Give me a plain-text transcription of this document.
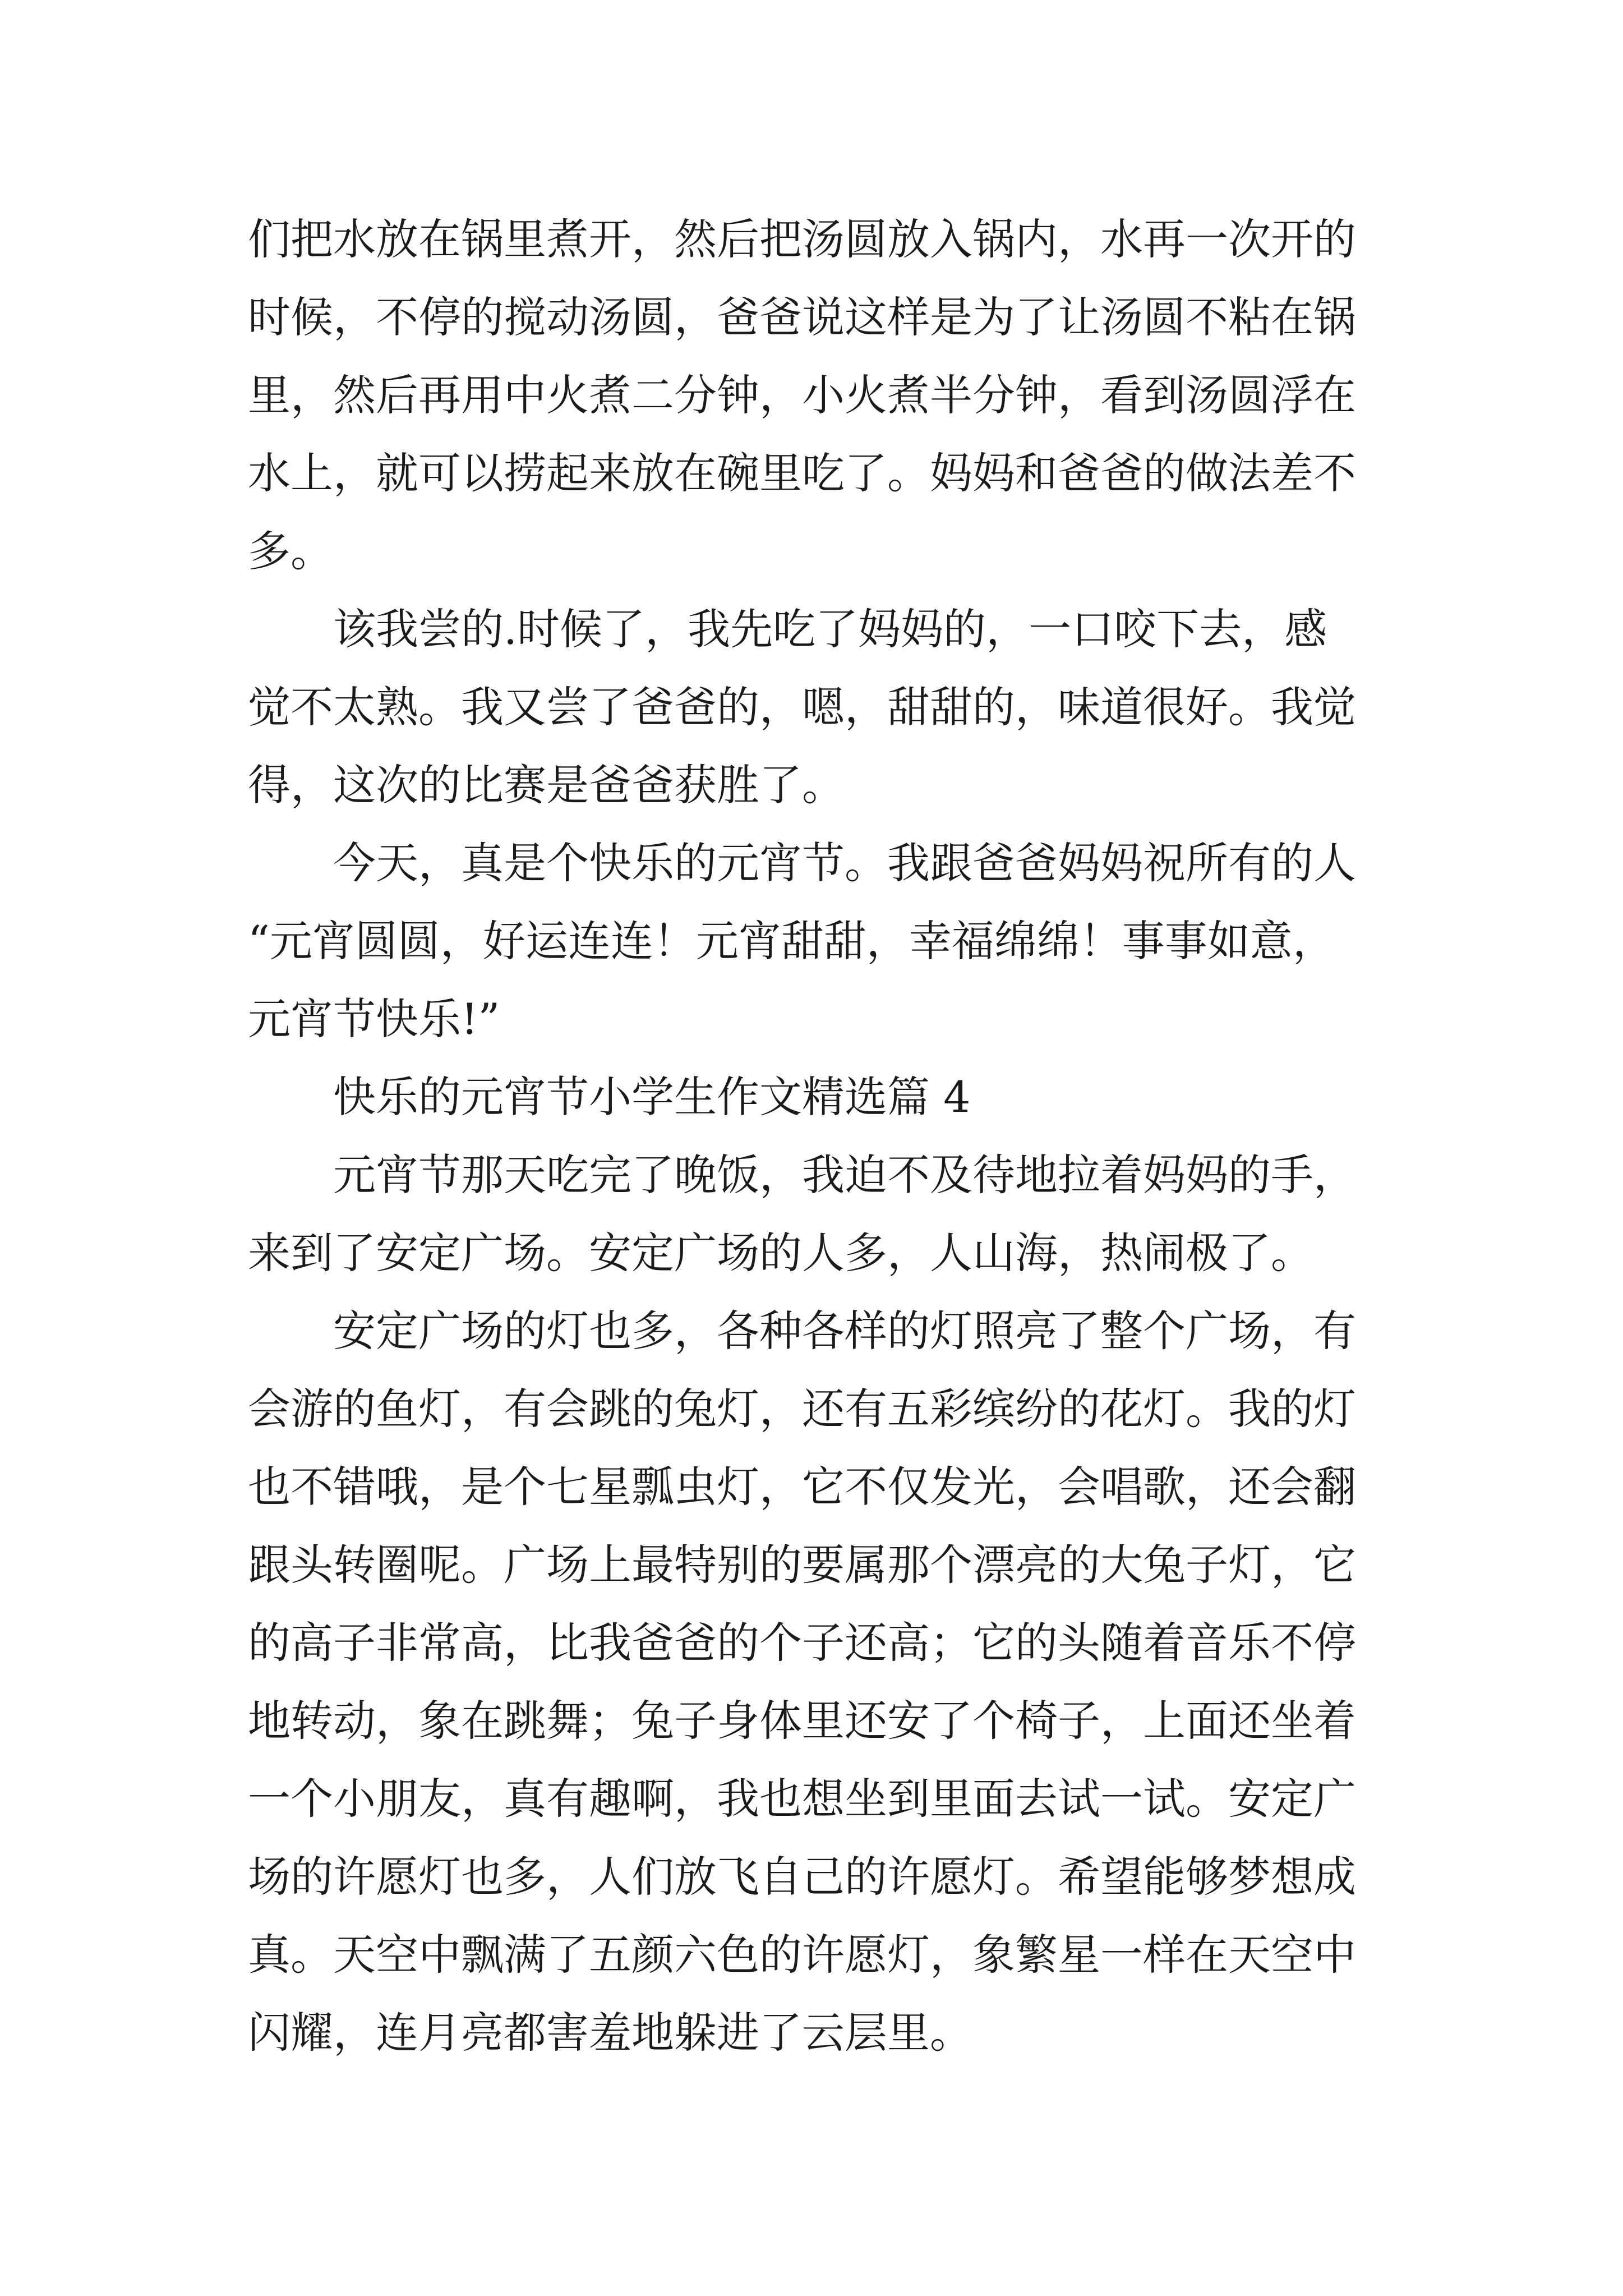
们把水放在锅里煮开，然后把汤圆放入锅内，水再一次开的
时候，不停的搅动汤圆，爸爸说这样是为了让汤圆不粘在锅
里，然后再用中火煮二分钟，小火煮半分钟，看到汤圆浮在
水上，就可以捞起来放在碗里吃了。妈妈和爸爸的做法差不
多。
该我尝的.时候了，我先吃了妈妈的，一口咬下去，感
觉不太熟。我又尝了爸爸的，嗯，甜甜的，味道很好。我觉
得，这次的比赛是爸爸获胜了。
今天，真是个快乐的元宵节。我跟爸爸妈妈祝所有的人
“元宵圆圆，好运连连！元宵甜甜，幸福绵绵！事事如意，
元宵节快乐!”
快乐的元宵节小学生作文精选篇 4
元宵节那天吃完了晚饭，我迫不及待地拉着妈妈的手，
来到了安定广场。安定广场的人多，人山海，热闹极了。
安定广场的灯也多，各种各样的灯照亮了整个广场，有
会游的鱼灯，有会跳的兔灯，还有五彩缤纷的花灯。我的灯
也不错哦，是个七星瓢虫灯，它不仅发光，会唱歌，还会翻
跟头转圈呢。广场上最特别的要属那个漂亮的大兔子灯，它
的高子非常高，比我爸爸的个子还高；它的头随着音乐不停
地转动，象在跳舞；兔子身体里还安了个椅子，上面还坐着
一个小朋友，真有趣啊，我也想坐到里面去试一试。安定广
场的许愿灯也多，人们放飞自己的许愿灯。希望能够梦想成
真。天空中飘满了五颜六色的许愿灯，象繁星一样在天空中
闪耀，连月亮都害羞地躲进了云层里。
